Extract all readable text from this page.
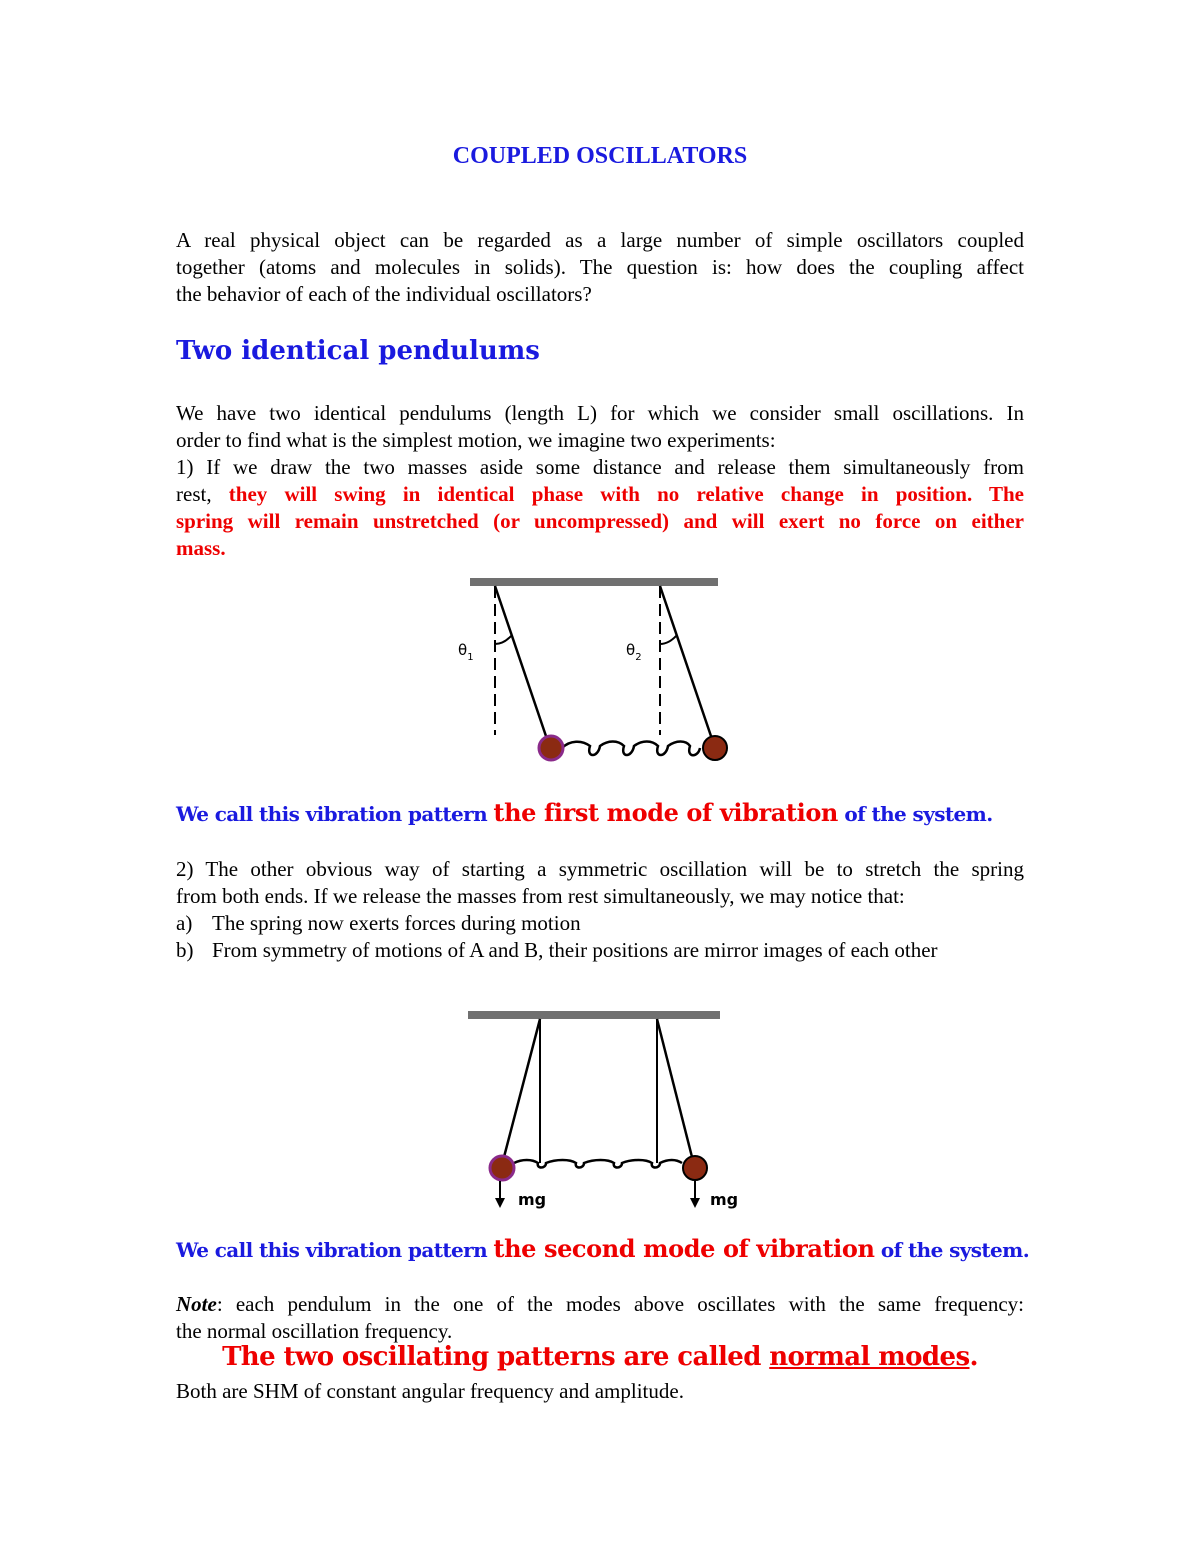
COUPLED OSCILLATORS
A real physical object can be regarded as a large number of simple oscillators coupled
together (atoms and molecules in solids). The question is: how does the coupling affect
the behavior of each of the individual oscillators?
Two identical pendulums
We have two identical pendulums (length L) for which we consider small oscillations. In
order to find what is the simplest motion, we imagine two experiments:
1) If we draw the two masses aside some distance and release them simultaneously from
rest, they will swing in identical phase with no relative change in position. The
spring will remain unstretched (or uncompressed) and will exert no force on either
mass.
$\theta_1$	$\theta_2$
We call this vibration pattern the first mode of vibration of the system.
2) The other obvious way of starting a symmetric oscillation will be to stretch the spring
from both ends. If we release the masses from rest simultaneously, we may notice that:
a) The spring now exerts forces during motion
b) From symmetry of motions of A and B, their positions are mirror images of each other
mg	mg
We call this vibration pattern the second mode of vibration of the system.
Note: each pendulum in the one of the modes above oscillates with the same frequency:
the normal oscillation frequency.
The two oscillating patterns are called normal modes.
Both are SHM of constant angular frequency and amplitude.
